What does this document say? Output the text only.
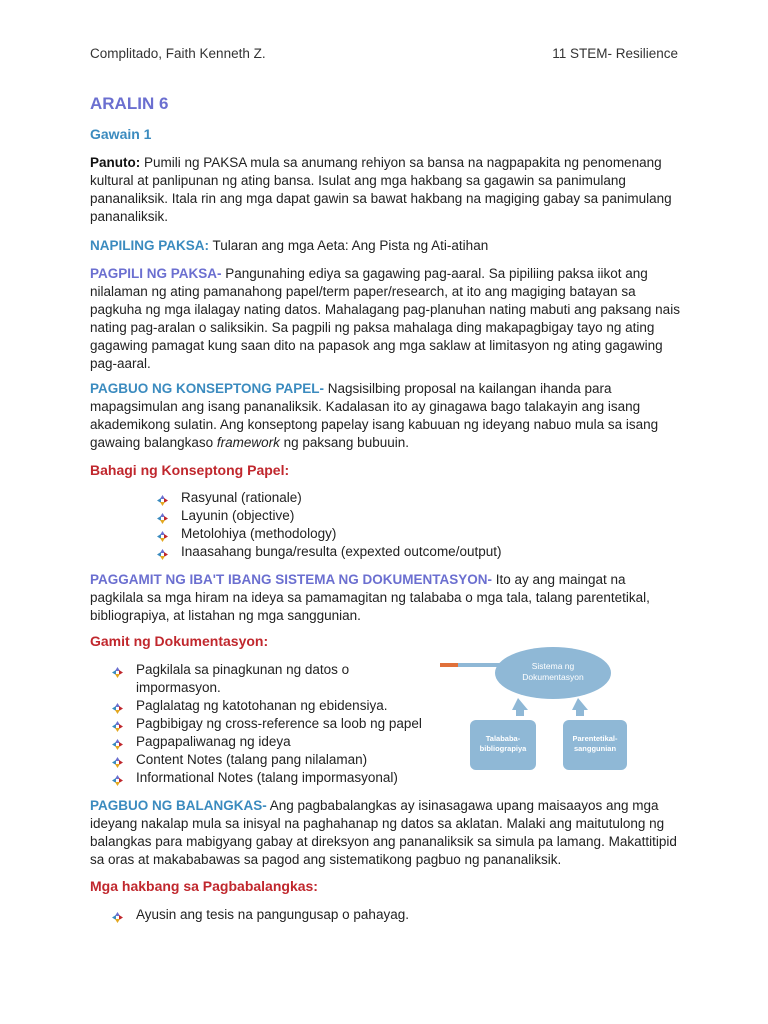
Complitado, Faith Kenneth Z.	11 STEM- Resilience
ARALIN 6
Gawain 1
Panuto: Pumili ng PAKSA mula sa anumang rehiyon sa bansa na nagpapakita ng penomenang kultural at panlipunan ng ating bansa. Isulat ang mga hakbang sa gagawin sa panimulang pananaliksik. Itala rin ang mga dapat gawin sa bawat hakbang na magiging gabay sa panimulang pananaliksik.
NAPILING PAKSA: Tularan ang mga Aeta: Ang Pista ng Ati-atihan
PAGPILI NG PAKSA- Pangunahing ediya sa gagawing pag-aaral. Sa pipiliing paksa iikot ang nilalaman ng ating pamanahong papel/term paper/research, at ito ang magiging batayan sa pagkuha ng mga ilalagay nating datos. Mahalagang pag-planuhan nating mabuti ang paksang nais nating pag-aralan o saliksikin. Sa pagpili ng paksa mahalaga ding makapagbigay tayo ng ating gagawing pamagat kung saan dito na papasok ang mga saklaw at limitasyon ng ating gagawing pag-aaral.
PAGBUO NG KONSEPTONG PAPEL- Nagsisilbing proposal na kailangan ihanda para mapagsimulan ang isang pananaliksik. Kadalasan ito ay ginagawa bago talakayin ang isang akademikong sulatin. Ang konseptong papelay isang kabuuan ng ideyang nabuo mula sa isang gawaing balangkaso framework ng paksang bubuuin.
Bahagi ng Konseptong Papel:
Rasyunal (rationale)
Layunin (objective)
Metolohiya (methodology)
Inaasahang bunga/resulta (expexted outcome/output)
PAGGAMIT NG IBA'T IBANG SISTEMA NG DOKUMENTASYON- Ito ay ang maingat na pagkilala sa mga hiram na ideya sa pamamagitan ng talababa o mga tala, talang parentetikal, bibliograpiya, at listahan ng mga sanggunian.
Gamit ng Dokumentasyon:
Pagkilala sa pinagkunan ng datos o impormasyon.
Paglalatag ng katotohanan ng ebidensiya.
Pagbibigay ng cross-reference sa loob ng papel
Pagpapaliwanag ng ideya
Content Notes (talang pang nilalaman)
Informational Notes (talang impormasyonal)
Sistema ng
Dokumentasyon
Talababa-
bibliograpiya
Parentetikal-
sanggunian
PAGBUO NG BALANGKAS- Ang pagbabalangkas ay isinasagawa upang maisaayos ang mga ideyang nakalap mula sa inisyal na paghahanap ng datos sa aklatan. Malaki ang maitutulong ng balangkas para mabigyang gabay at direksyon ang pananaliksik sa simula pa lamang. Makattitipid sa oras at makababawas sa pagod ang sistematikong pagbuo ng pananaliksik.
Mga hakbang sa Pagbabalangkas:
Ayusin ang tesis na pangungusap o pahayag.
